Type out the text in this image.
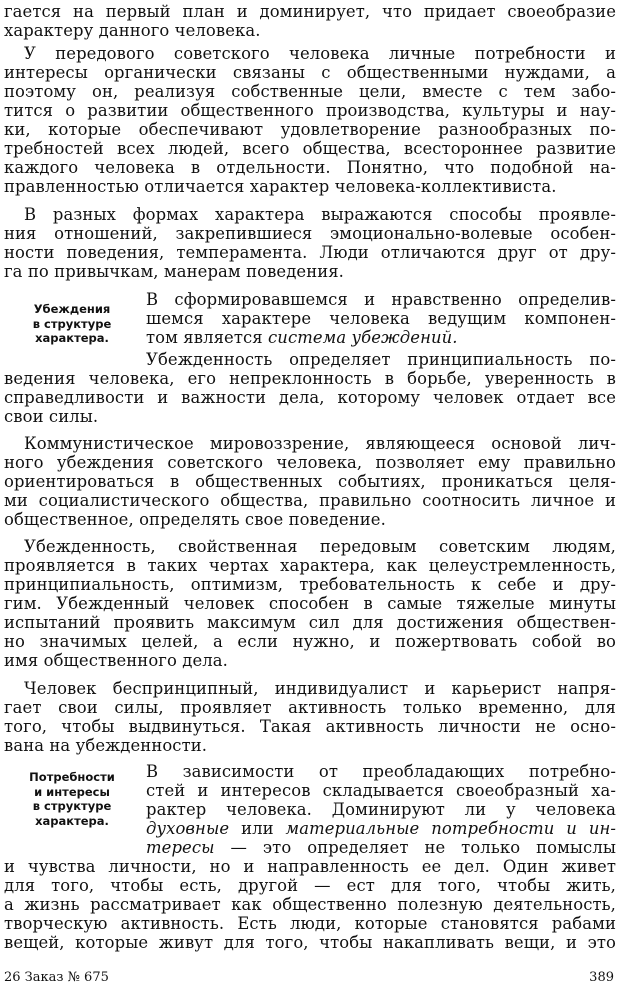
гается на первый план и доминирует, что придает своеобразие
характеру данного человека.
У передового советского человека личные потребности и
интересы органически связаны с общественными нуждами, а
поэтому он, реализуя собственные цели, вместе с тем забо-
тится о развитии общественного производства, культуры и нау-
ки, которые обеспечивают удовлетворение разнообразных по-
требностей всех людей, всего общества, всестороннее развитие
каждого человека в отдельности. Понятно, что подобной на-
правленностью отличается характер человека-коллективиста.
В разных формах характера выражаются способы проявле-
ния отношений, закрепившиеся эмоционально-волевые особен-
ности поведения, темперамента. Люди отличаются друг от дру-
га по привычкам, манерам поведения.
Убеждения
в структуре
характера.
В сформировавшемся и нравственно определив-
шемся характере человека ведущим компонен-
том является система убеждений.
Убежденность определяет принципиальность по-
ведения человека, его непреклонность в борьбе, уверенность в
справедливости и важности дела, которому человек отдает все
свои силы.
Коммунистическое мировоззрение, являющееся основой лич-
ного убеждения советского человека, позволяет ему правильно
ориентироваться в общественных событиях, проникаться целя-
ми социалистического общества, правильно соотносить личное и
общественное, определять свое поведение.
Убежденность, свойственная передовым советским людям,
проявляется в таких чертах характера, как целеустремленность,
принципиальность, оптимизм, требовательность к себе и дру-
гим. Убежденный человек способен в самые тяжелые минуты
испытаний проявить максимум сил для достижения обществен-
но значимых целей, а если нужно, и пожертвовать собой во
имя общественного дела.
Человек беспринципный, индивидуалист и карьерист напря-
гает свои силы, проявляет активность только временно, для
того, чтобы выдвинуться. Такая активность личности не осно-
вана на убежденности.
Потребности
и интересы
в структуре
характера.
В зависимости от преобладающих потребно-
стей и интересов складывается своеобразный ха-
рактер человека. Доминируют ли у человека
духовные или материальные потребности и ин-
тересы — это определяет не только помыслы
и чувства личности, но и направленность ее дел. Один живет
для того, чтобы есть, другой — ест для того, чтобы жить,
а жизнь рассматривает как общественно полезную деятельность,
творческую активность. Есть люди, которые становятся рабами
вещей, которые живут для того, чтобы накапливать вещи, и это
26 Заказ № 675	389
